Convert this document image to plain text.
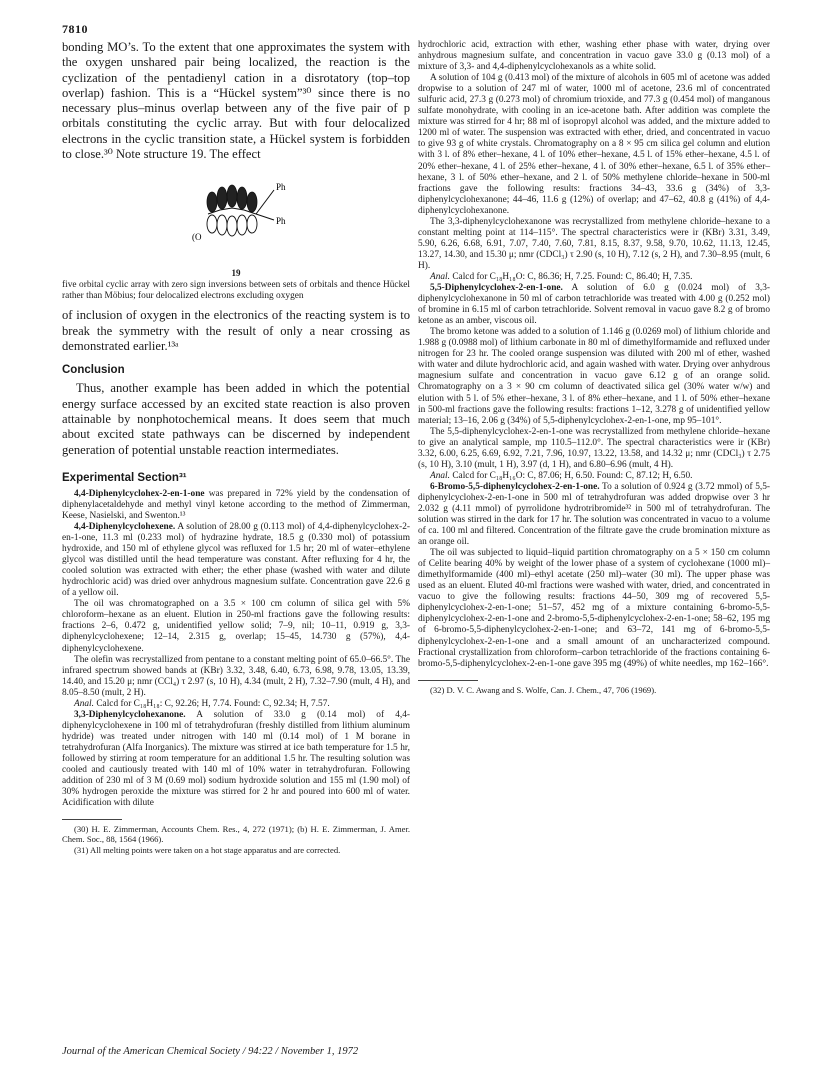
7810

bonding MO’s. To the extent that one approximates the system with the oxygen unshared pair being localized, the reaction is the cyclization of the pentadienyl cation in a disrotatory (top–top overlap) fashion. This is a “Hückel system”³⁰ since there is no necessary plus–minus overlap between any of the five pair of p orbitals constituting the cyclic array. But with four delocalized electrons in the cyclic transition state, a Hückel system is forbidden to close.³⁰ Note structure 19. The effect

Ph
Ph
(O

19

five orbital cyclic array with zero sign inversions between sets of orbitals and thence Hückel rather than Möbius; four delocalized electrons excluding oxygen

of inclusion of oxygen in the electronics of the reacting system is to break the symmetry with the result of only a near crossing as demonstrated earlier.¹³ᵃ

Conclusion

Thus, another example has been added in which the potential energy surface accessed by an excited state reaction is also proven attainable by nonphotochemical means. It does seem that much about excited state pathways can be discerned by independent generation of potential unstable reaction intermediates.

Experimental Section³¹

4,4-Diphenylcyclohex-2-en-1-one was prepared in 72% yield by the condensation of diphenylacetaldehyde and methyl vinyl ketone according to the method of Zimmerman, Keese, Nasielski, and Swenton.¹³

4,4-Diphenylcyclohexene. A solution of 28.00 g (0.113 mol) of 4,4-diphenylcyclohex-2-en-1-one, 11.3 ml (0.233 mol) of hydrazine hydrate, 18.5 g (0.330 mol) of potassium hydroxide, and 150 ml of ethylene glycol was refluxed for 1.5 hr; 20 ml of water–ethylene glycol was distilled until the head temperature was constant. After refluxing for 4 hr, the cooled solution was extracted with ether; the ether phase (washed with water and dilute hydrochloric acid) was dried over anhydrous magnesium sulfate. Concentration gave 22.6 g of a yellow oil.

The oil was chromatographed on a 3.5 × 100 cm column of silica gel with 5% chloroform–hexane as an eluent. Elution in 250-ml fractions gave the following results: fractions 2–6, 0.472 g, unidentified yellow solid; 7–9, nil; 10–11, 0.919 g, 3,3-diphenylcyclohexene; 12–14, 2.315 g, overlap; 15–45, 14.730 g (57%), 4,4-diphenylcyclohexene.

The olefin was recrystallized from pentane to a constant melting point of 65.0–66.5°. The infrared spectrum showed bands at (KBr) 3.32, 3.48, 6.40, 6.73, 6.98, 9.78, 13.05, 13.39, 14.40, and 15.20 μ; nmr (CCl₄) τ 2.97 (s, 10 H), 4.34 (mult, 2 H), 7.32–7.90 (mult, 4 H), and 8.05–8.50 (mult, 2 H).

Anal. Calcd for C₁₈H₁₈: C, 92.26; H, 7.74. Found: C, 92.34; H, 7.57.

3,3-Diphenylcyclohexanone. A solution of 33.0 g (0.14 mol) of 4,4-diphenylcyclohexene in 100 ml of tetrahydrofuran (freshly distilled from lithium aluminum hydride) was treated under nitrogen with 140 ml (0.14 mol) of 1 M borane in tetrahydrofuran (Alfa Inorganics). The mixture was stirred at ice bath temperature for 1.5 hr, followed by stirring at room temperature for an additional 1.5 hr. The resulting solution was cooled and cautiously treated with 140 ml of 10% water in tetrahydrofuran. Following addition of 230 ml of 3 M (0.69 mol) sodium hydroxide solution and 155 ml (1.90 mol) of 30% hydrogen peroxide the mixture was stirred for 2 hr and poured into 600 ml of water. Acidification with dilute

(30) H. E. Zimmerman, Accounts Chem. Res., 4, 272 (1971); (b) H. E. Zimmerman, J. Amer. Chem. Soc., 88, 1564 (1966).

(31) All melting points were taken on a hot stage apparatus and are corrected.

hydrochloric acid, extraction with ether, washing ether phase with water, drying over anhydrous magnesium sulfate, and concentration in vacuo gave 33.0 g (0.13 mol) of a mixture of 3,3- and 4,4-diphenylcyclohexanols as a white solid.

A solution of 104 g (0.413 mol) of the mixture of alcohols in 605 ml of acetone was added dropwise to a solution of 247 ml of water, 1000 ml of acetone, 23.6 ml of concentrated sulfuric acid, 27.3 g (0.273 mol) of chromium trioxide, and 77.3 g (0.454 mol) of manganous sulfate monohydrate, with cooling in an ice-acetone bath. After addition was complete the mixture was stirred for 4 hr; 88 ml of isopropyl alcohol was added, and the mixture added to 1200 ml of water. The suspension was extracted with ether, dried, and concentrated in vacuo to give 93 g of white crystals. Chromatography on a 8 × 95 cm silica gel column and elution with 3 l. of 8% ether–hexane, 4 l. of 10% ether–hexane, 4.5 l. of 15% ether–hexane, 4.5 l. of 20% ether–hexane, 4 l. of 25% ether–hexane, 4 l. of 30% ether–hexane, 6.5 l. of 35% ether–hexane, 3 l. of 50% ether–hexane, and 2 l. of 50% methylene chloride–hexane in 500-ml fractions gave the following results: fractions 34–43, 33.6 g (34%) of 3,3-diphenylcyclohexanone; 44–46, 11.6 g (12%) of overlap; and 47–62, 40.8 g (41%) of 4,4-diphenylcyclohexanone.

The 3,3-diphenylcyclohexanone was recrystallized from methylene chloride–hexane to a constant melting point at 114–115°. The spectral characteristics were ir (KBr) 3.31, 3.49, 5.90, 6.26, 6.68, 6.91, 7.07, 7.40, 7.60, 7.81, 8.15, 8.37, 9.58, 9.70, 10.62, 11.13, 12.45, 13.27, 14.30, and 15.30 μ; nmr (CDCl₃) τ 2.90 (s, 10 H), 7.12 (s, 2 H), and 7.30–8.95 (mult, 6 H).

Anal. Calcd for C₁₈H₁₈O: C, 86.36; H, 7.25. Found: C, 86.40; H, 7.35.

5,5-Diphenylcyclohex-2-en-1-one. A solution of 6.0 g (0.024 mol) of 3,3-diphenylcyclohexanone in 50 ml of carbon tetrachloride was treated with 4.00 g (0.252 mol) of bromine in 6.15 ml of carbon tetrachloride. Solvent removal in vacuo gave 8.2 g of bromo ketone as an amber, viscous oil.

The bromo ketone was added to a solution of 1.146 g (0.0269 mol) of lithium chloride and 1.988 g (0.0988 mol) of lithium carbonate in 80 ml of dimethylformamide and refluxed under nitrogen for 23 hr. The cooled orange suspension was diluted with 200 ml of ether, washed with water and dilute hydrochloric acid, and again washed with water. Drying over anhydrous magnesium sulfate and concentration in vacuo gave 6.12 g of an orange solid. Chromatography on a 3 × 90 cm column of deactivated silica gel (30% water w/w) and elution with 5 l. of 5% ether–hexane, 3 l. of 8% ether–hexane, and 1 l. of 50% ether–hexane in 500-ml fractions gave the following results: fractions 1–12, 3.278 g of unidentified yellow material; 13–16, 2.06 g (34%) of 5,5-diphenylcyclohex-2-en-1-one, mp 95–101°.

The 5,5-diphenylcyclohex-2-en-1-one was recrystallized from methylene chloride–hexane to give an analytical sample, mp 110.5–112.0°. The spectral characteristics were ir (KBr) 3.32, 6.00, 6.25, 6.69, 6.92, 7.21, 7.96, 10.97, 13.22, 13.58, and 14.32 μ; nmr (CDCl₃) τ 2.75 (s, 10 H), 3.10 (mult, 1 H), 3.97 (d, 1 H), and 6.80–6.96 (mult, 4 H).

Anal. Calcd for C₁₈H₁₆O: C, 87.06; H, 6.50. Found: C, 87.12; H, 6.50.

6-Bromo-5,5-diphenylcyclohex-2-en-1-one. To a solution of 0.924 g (3.72 mmol) of 5,5-diphenylcyclohex-2-en-1-one in 500 ml of tetrahydrofuran was added dropwise over 3 hr 2.032 g (4.11 mmol) of pyrrolidone hydrotribromide³² in 500 ml of tetrahydrofuran. The solution was stirred in the dark for 17 hr. The solution was concentrated in vacuo to a volume of ca. 100 ml and filtered. Concentration of the filtrate gave the crude bromination mixture as an orange oil.

The oil was subjected to liquid–liquid partition chromatography on a 5 × 150 cm column of Celite bearing 40% by weight of the lower phase of a system of cyclohexane (1000 ml)–dimethylformamide (400 ml)–ethyl acetate (250 ml)–water (30 ml). The upper phase was used as an eluent. Eluted 40-ml fractions were washed with water, dried, and concentrated in vacuo to give the following results: fractions 44–50, 309 mg of recovered 5,5-diphenylcyclohex-2-en-1-one; 51–57, 452 mg of a mixture containing 6-bromo-5,5-diphenylcyclohex-2-en-1-one and 2-bromo-5,5-diphenylcyclohex-2-en-1-one; 58–62, 195 mg of 6-bromo-5,5-diphenylcyclohex-2-en-1-one; and 63–72, 141 mg of 6-bromo-5,5-diphenylcyclohex-2-en-1-one and a small amount of an uncharacterized compound. Fractional crystallization from chloroform–carbon tetrachloride of the fractions containing 6-bromo-5,5-diphenylcyclohex-2-en-1-one gave 395 mg (49%) of white needles, mp 162–166°.

(32) D. V. C. Awang and S. Wolfe, Can. J. Chem., 47, 706 (1969).

Journal of the American Chemical Society / 94:22 / November 1, 1972
